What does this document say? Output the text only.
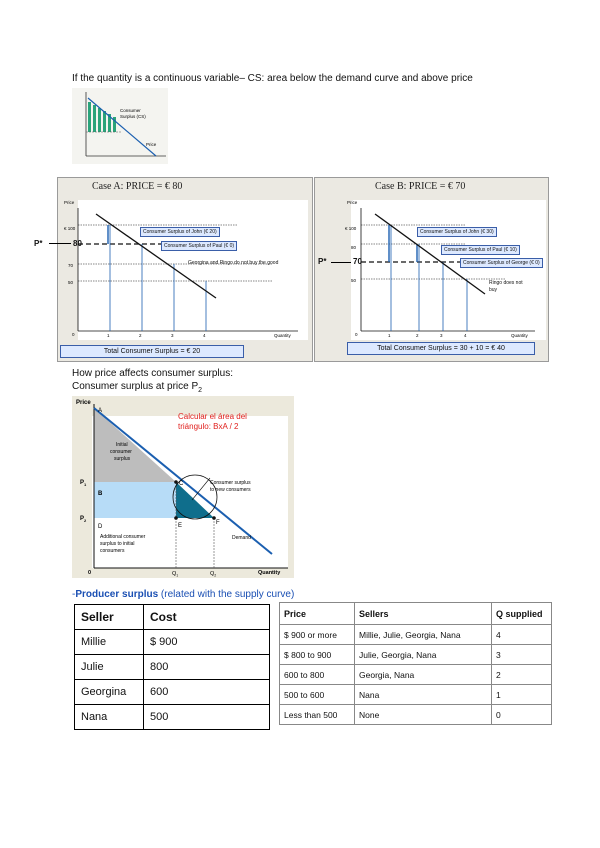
If the quantity is a continuous variable– CS: area below the demand curve and above price
Consumer
Surplus (CS)
Price
Case A: PRICE = € 80
Price
€ 100
70
50
0	1	2	3	4	Quantity
Consumer Surplus of John (€ 20)
Consumer Surplus of Paul (€ 0)
Georgina and Ringo do not buy the good
Total Consumer Surplus = € 20
P*	80
Case B: PRICE = € 70
Price
€ 100
80
50
0	1	2	3	4	Quantity
Consumer Surplus of John (€ 30)
Consumer Surplus of Paul (€ 10)
Consumer Surplus of George (€ 0)
Ringo does not
buy
Total Consumer Surplus = 30 + 10 = € 40
P*	70
How price affects consumer surplus:
Consumer surplus at price $P_2$
Price
A
B
C
D	E	F
$P_1$
$P_2$
0	$Q_1$	$Q_2$	Quantity
Initial
consumer
surplus
Consumer surplus
to new consumers
Additional consumer
surplus to initial
consumers
Demand
Calcular el área del
triángulo: BxA / 2
-Producer surplus (related with the supply curve)
Seller	Cost
Millie	$ 900
Julie	800
Georgina	600
Nana	500
Price	Sellers	Q supplied
$ 900 or more	Millie, Julie, Georgia, Nana	4
$ 800 to 900	Julie, Georgia, Nana	3
600 to 800	Georgia, Nana	2
500 to 600	Nana	1
Less than 500	None	0
